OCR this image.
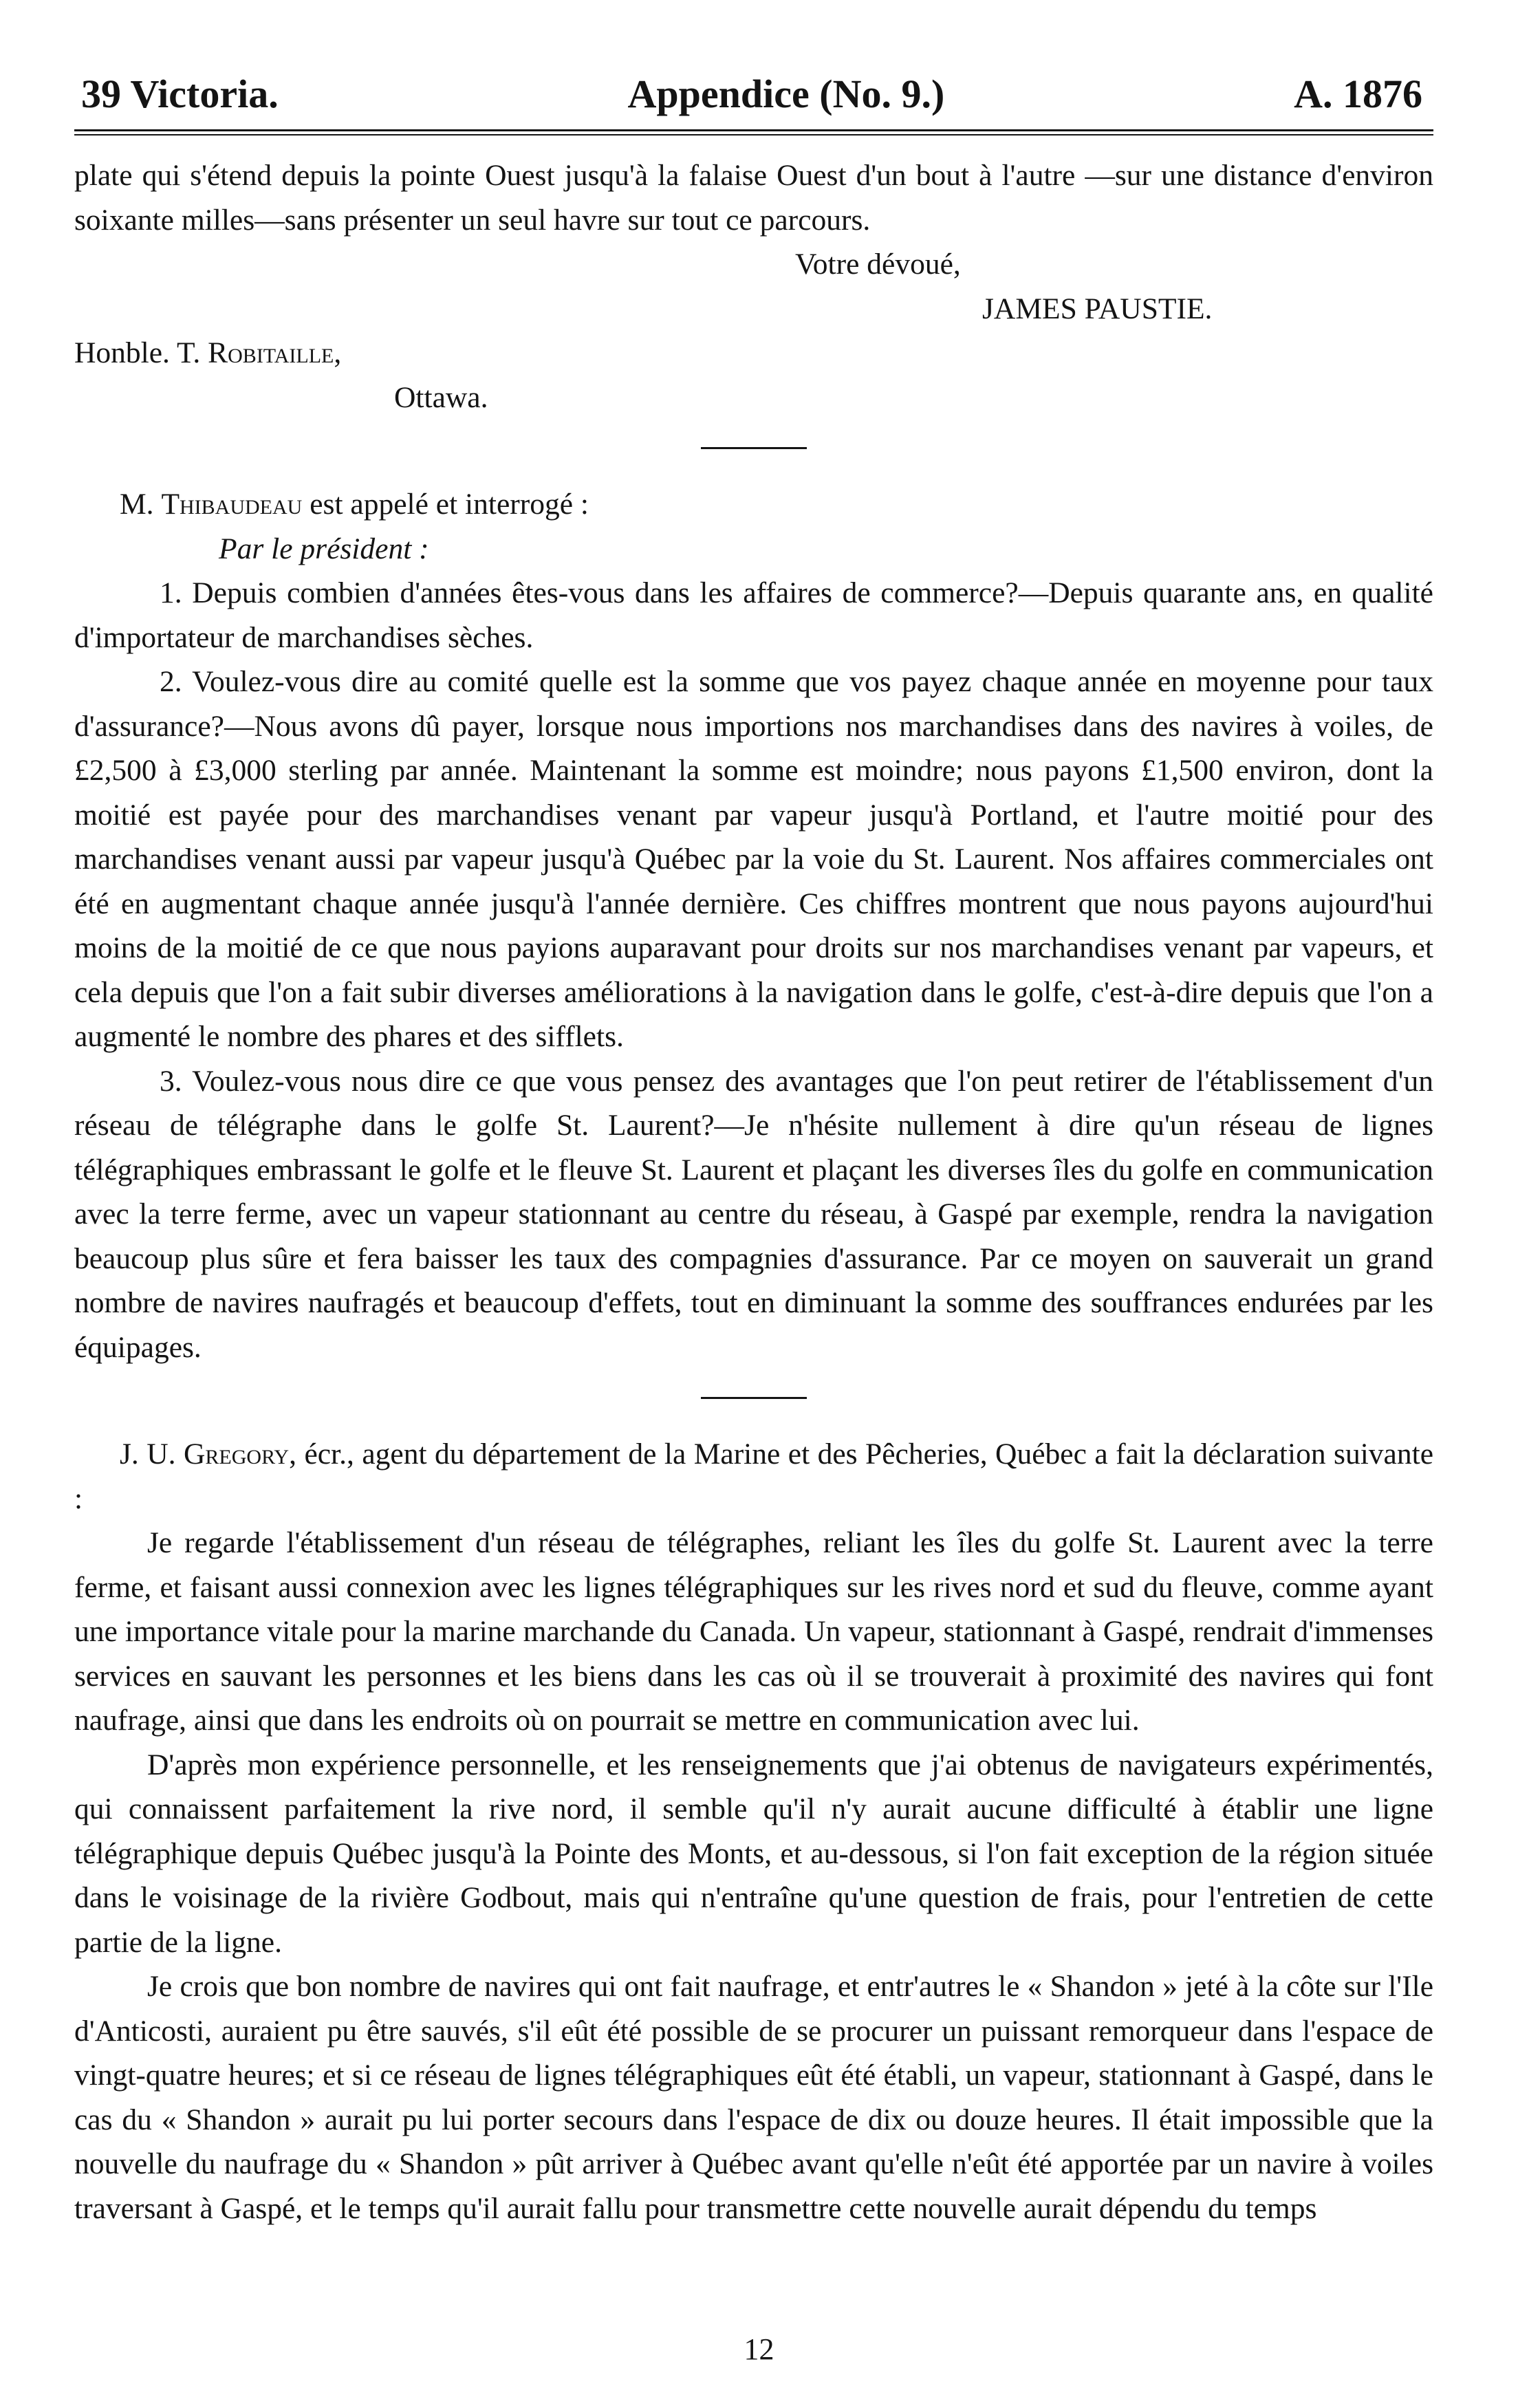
39 Victoria.	Appendice (No. 9.)	A. 1876

plate qui s'étend depuis la pointe Ouest jusqu'à la falaise Ouest d'un bout à l'autre —sur une distance d'environ soixante milles—sans présenter un seul havre sur tout ce parcours.

Votre dévoué,

JAMES PAUSTIE.

Honble. T. Robitaille,

Ottawa.

M. Thibaudeau est appelé et interrogé :

Par le président :

1. Depuis combien d'années êtes-vous dans les affaires de commerce?—Depuis quarante ans, en qualité d'importateur de marchandises sèches.

2. Voulez-vous dire au comité quelle est la somme que vos payez chaque année en moyenne pour taux d'assurance?—Nous avons dû payer, lorsque nous importions nos marchandises dans des navires à voiles, de £2,500 à £3,000 sterling par année. Maintenant la somme est moindre; nous payons £1,500 environ, dont la moitié est payée pour des marchandises venant par vapeur jusqu'à Portland, et l'autre moitié pour des marchandises venant aussi par vapeur jusqu'à Québec par la voie du St. Laurent. Nos affaires commerciales ont été en augmentant chaque année jusqu'à l'année dernière. Ces chiffres montrent que nous payons aujourd'hui moins de la moitié de ce que nous payions auparavant pour droits sur nos marchandises venant par vapeurs, et cela depuis que l'on a fait subir diverses améliorations à la navigation dans le golfe, c'est-à-dire depuis que l'on a augmenté le nombre des phares et des sifflets.

3. Voulez-vous nous dire ce que vous pensez des avantages que l'on peut retirer de l'établissement d'un réseau de télégraphe dans le golfe St. Laurent?—Je n'hésite nullement à dire qu'un réseau de lignes télégraphiques embrassant le golfe et le fleuve St. Laurent et plaçant les diverses îles du golfe en communication avec la terre ferme, avec un vapeur stationnant au centre du réseau, à Gaspé par exemple, rendra la navigation beaucoup plus sûre et fera baisser les taux des compagnies d'assurance. Par ce moyen on sauverait un grand nombre de navires naufragés et beaucoup d'effets, tout en diminuant la somme des souffrances endurées par les équipages.

J. U. Gregory, écr., agent du département de la Marine et des Pêcheries, Québec a fait la déclaration suivante :

Je regarde l'établissement d'un réseau de télégraphes, reliant les îles du golfe St. Laurent avec la terre ferme, et faisant aussi connexion avec les lignes télégraphiques sur les rives nord et sud du fleuve, comme ayant une importance vitale pour la marine marchande du Canada. Un vapeur, stationnant à Gaspé, rendrait d'immenses services en sauvant les personnes et les biens dans les cas où il se trouverait à proximité des navires qui font naufrage, ainsi que dans les endroits où on pourrait se mettre en communication avec lui.

D'après mon expérience personnelle, et les renseignements que j'ai obtenus de navigateurs expérimentés, qui connaissent parfaitement la rive nord, il semble qu'il n'y aurait aucune difficulté à établir une ligne télégraphique depuis Québec jusqu'à la Pointe des Monts, et au-dessous, si l'on fait exception de la région située dans le voisinage de la rivière Godbout, mais qui n'entraîne qu'une question de frais, pour l'entretien de cette partie de la ligne.

Je crois que bon nombre de navires qui ont fait naufrage, et entr'autres le « Shandon » jeté à la côte sur l'Ile d'Anticosti, auraient pu être sauvés, s'il eût été possible de se procurer un puissant remorqueur dans l'espace de vingt-quatre heures; et si ce réseau de lignes télégraphiques eût été établi, un vapeur, stationnant à Gaspé, dans le cas du « Shandon » aurait pu lui porter secours dans l'espace de dix ou douze heures. Il était impossible que la nouvelle du naufrage du « Shandon » pût arriver à Québec avant qu'elle n'eût été apportée par un navire à voiles traversant à Gaspé, et le temps qu'il aurait fallu pour transmettre cette nouvelle aurait dépendu du temps

12
